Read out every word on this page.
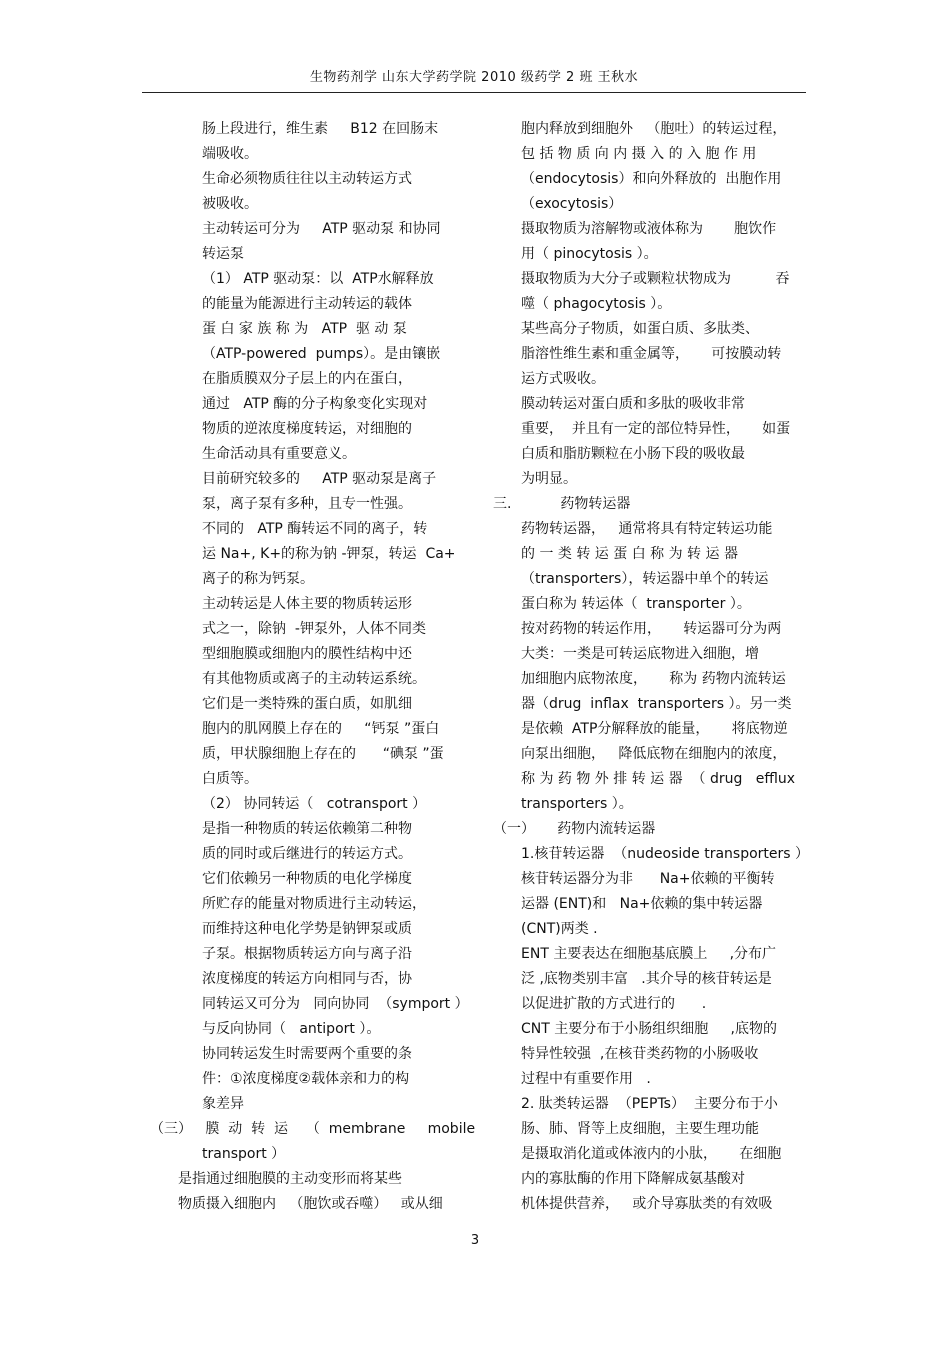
生物药剂学 山东大学药学院 2010 级药学 2 班 王秋水
肠上段进行，维生素     B12 在回肠末
端吸收。
生命必须物质往往以主动转运方式
被吸收。
主动转运可分为     ATP 驱动泵 和协同
转运泵
（1） ATP 驱动泵：以  ATP水解释放
的能量为能源进行主动转运的载体
蛋 白 家 族 称 为   ATP  驱 动 泵
（ATP-powered  pumps）。是由镶嵌
在脂质膜双分子层上的内在蛋白，
通过   ATP 酶的分子构象变化实现对
物质的逆浓度梯度转运，对细胞的
生命活动具有重要意义。
目前研究较多的     ATP 驱动泵是离子
泵，离子泵有多种，且专一性强。
不同的   ATP 酶转运不同的离子，转
运 Na+, K+的称为钠 -钾泵，转运  Ca+
离子的称为钙泵。
主动转运是人体主要的物质转运形
式之一，除钠  -钾泵外，人体不同类
型细胞膜或细胞内的膜性结构中还
有其他物质或离子的主动转运系统。
它们是一类特殊的蛋白质，如肌细
胞内的肌网膜上存在的     “钙泵 ”蛋白
质，甲状腺细胞上存在的      “碘泵 ”蛋
白质等。
（2） 协同转运（   cotransport ）
是指一种物质的转运依赖第二种物
质的同时或后继进行的转运方式。
它们依赖另一种物质的电化学梯度
所贮存的能量对物质进行主动转运，
而维持这种电化学势是钠钾泵或质
子泵。根据物质转运方向与离子沿
浓度梯度的转运方向相同与否，协
同转运又可分为   同向协同  （symport ）
与反向协同（   antiport ）。
协同转运发生时需要两个重要的条
件：①浓度梯度②载体亲和力的构
象差异
（三）   膜  动  转  运    （  membrane     mobile
transport ）
是指通过细胞膜的主动变形而将某些
物质摄入细胞内   （胞饮或吞噬）   或从细
胞内释放到细胞外   （胞吐）的转运过程，
包 括 物 质 向 内 摄 入 的 入 胞 作 用
（endocytosis）和向外释放的  出胞作用
（exocytosis）
摄取物质为溶解物或液体称为       胞饮作
用（ pinocytosis ）。
摄取物质为大分子或颗粒状物成为          吞
噬（ phagocytosis ）。
某些高分子物质，如蛋白质、多肽类、
脂溶性维生素和重金属等，     可按膜动转
运方式吸收。
膜动转运对蛋白质和多肽的吸收非常
重要，  并且有一定的部位特异性，     如蛋
白质和脂肪颗粒在小肠下段的吸收最
为明显。
三.           药物转运器
药物转运器，   通常将具有特定转运功能
的 一 类 转 运 蛋 白 称 为 转 运 器
（transporters），转运器中单个的转运
蛋白称为 转运体（  transporter ）。
按对药物的转运作用，     转运器可分为两
大类：一类是可转运底物进入细胞，增
加细胞内底物浓度，     称为 药物内流转运
器（drug  inflax  transporters ）。另一类
是依赖  ATP分解释放的能量，     将底物逆
向泵出细胞，   降低底物在细胞内的浓度，
称 为 药 物 外 排 转 运 器  （ drug   efflux
transporters ）。
（一）     药物内流转运器
1.核苷转运器  （nudeoside transporters ）
核苷转运器分为非      Na+依赖的平衡转
运器 (ENT)和   Na+依赖的集中转运器
(CNT)两类 .
ENT 主要表达在细胞基底膜上     ,分布广
泛 ,底物类别丰富   .其介导的核苷转运是
以促进扩散的方式进行的      .
CNT 主要分布于小肠组织细胞     ,底物的
特异性较强  ,在核苷类药物的小肠吸收
过程中有重要作用   .
2. 肽类转运器  （PEPTs）  主要分布于小
肠、肺、肾等上皮细胞，主要生理功能
是摄取消化道或体液内的小肽，     在细胞
内的寡肽酶的作用下降解成氨基酸对
机体提供营养，   或介导寡肽类的有效吸
3
